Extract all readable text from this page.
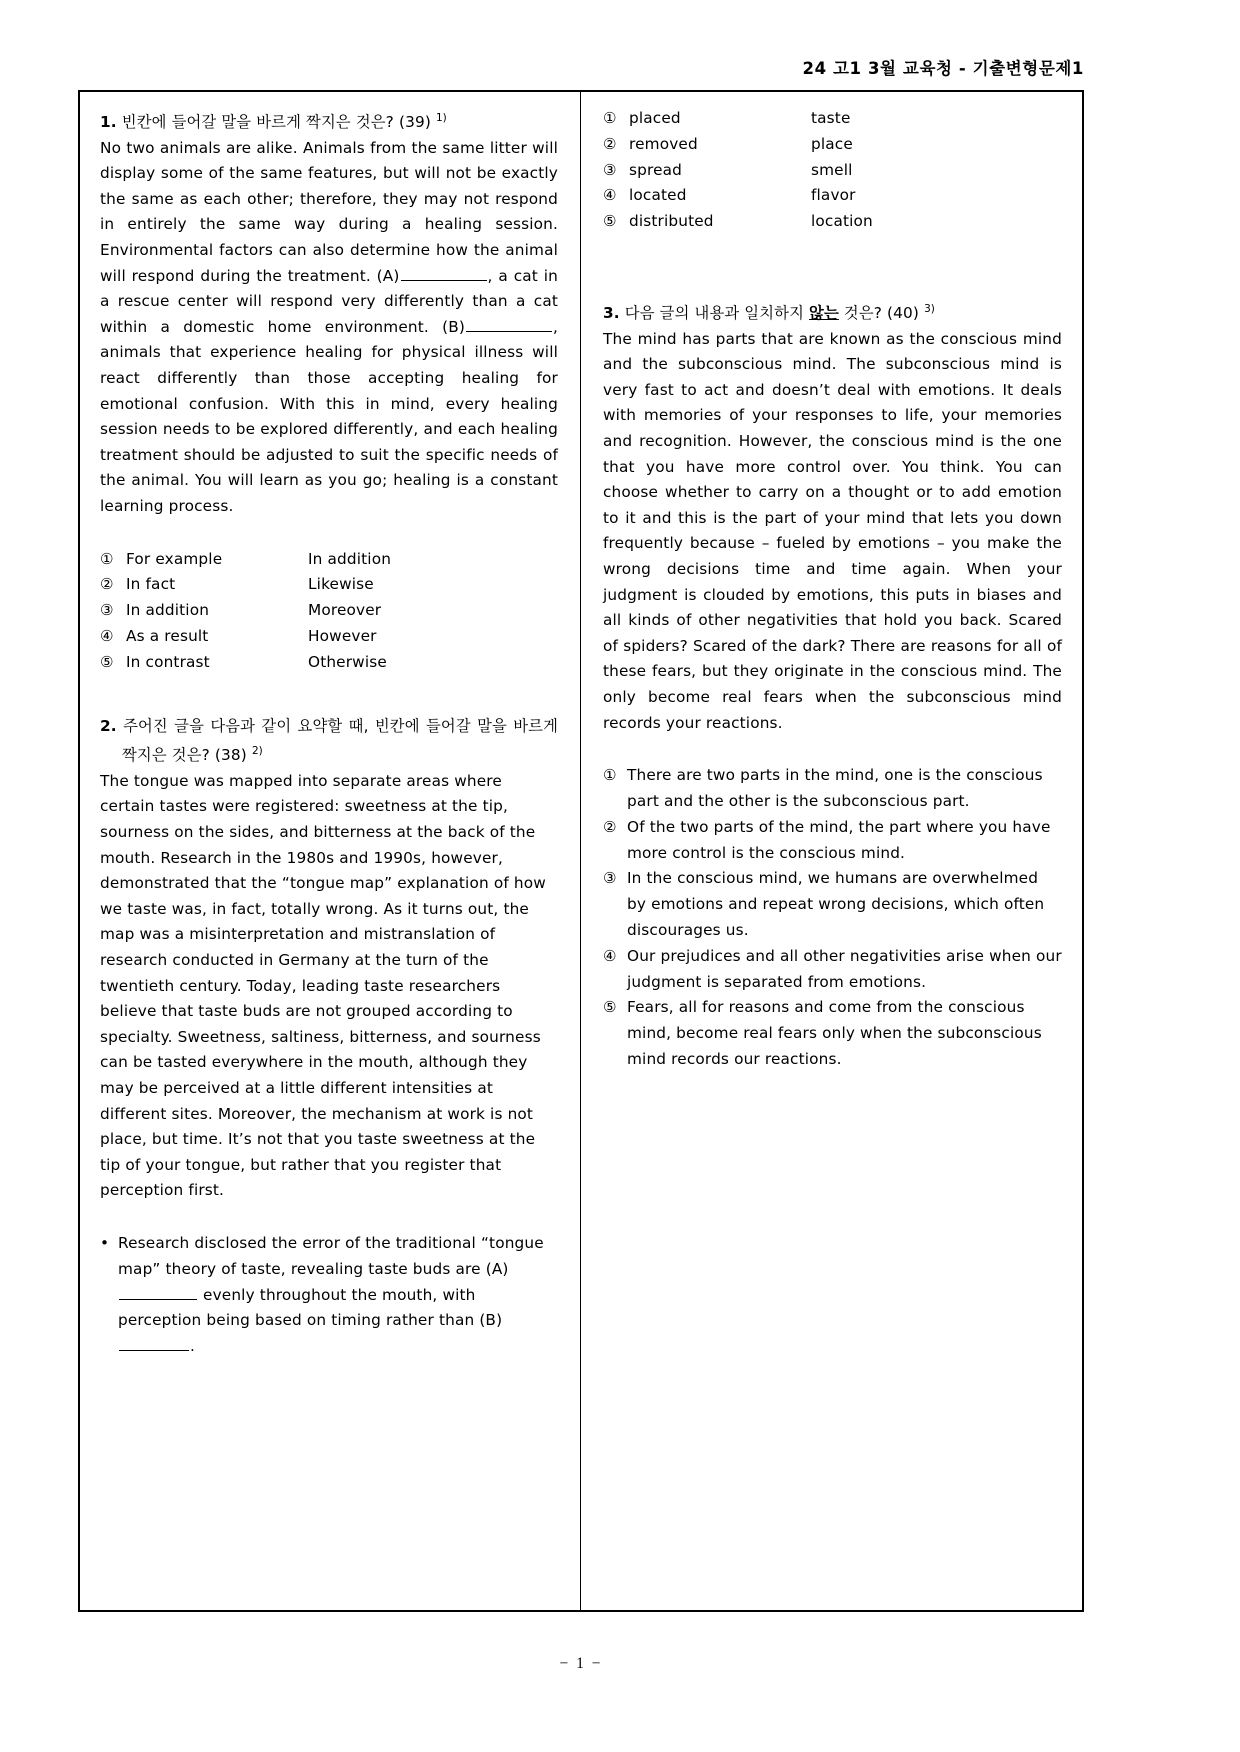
24 고1 3월 교육청 - 기출변형문제1

1. 빈칸에 들어갈 말을 바르게 짝지은 것은? (39) $^{1)}$

No two animals are alike. Animals from the same litter will display some of the same features, but will not be exactly the same as each other; therefore, they may not respond in entirely the same way during a healing session. Environmental factors can also determine how the animal will respond during the treatment. (A)	, a cat in a rescue center will respond very differently than a cat within a domestic home environment. (B)	, animals that experience healing for physical illness will react differently than those accepting healing for emotional confusion. With this in mind, every healing session needs to be explored differently, and each healing treatment should be adjusted to suit the specific needs of the animal. You will learn as you go; healing is a constant learning process.

① For example	In addition
② In fact	Likewise
③ In addition	Moreover
④ As a result	However
⑤ In contrast	Otherwise

2. 주어진 글을 다음과 같이 요약할 때, 빈칸에 들어갈 말을 바르게 짝지은 것은? (38) $^{2)}$

The tongue was mapped into separate areas where certain tastes were registered: sweetness at the tip, sourness on the sides, and bitterness at the back of the mouth. Research in the 1980s and 1990s, however, demonstrated that the “tongue map” explanation of how we taste was, in fact, totally wrong. As it turns out, the map was a misinterpretation and mistranslation of research conducted in Germany at the turn of the twentieth century. Today, leading taste researchers believe that taste buds are not grouped according to specialty. Sweetness, saltiness, bitterness, and sourness can be tasted everywhere in the mouth, although they may be perceived at a little different intensities at different sites. Moreover, the mechanism at work is not place, but time. It’s not that you taste sweetness at the tip of your tongue, but rather that you register that perception first.

• Research disclosed the error of the traditional “tongue map” theory of taste, revealing taste buds are (A) evenly throughout the mouth, with perception being based on timing rather than (B).
① placed	taste
② removed	place
③ spread	smell
④ located	flavor
⑤ distributed	location

3. 다음 글의 내용과 일치하지 않는 것은? (40) $^{3)}$

The mind has parts that are known as the conscious mind and the subconscious mind. The subconscious mind is very fast to act and doesn’t deal with emotions. It deals with memories of your responses to life, your memories and recognition. However, the conscious mind is the one that you have more control over. You think. You can choose whether to carry on a thought or to add emotion to it and this is the part of your mind that lets you down frequently because – fueled by emotions – you make the wrong decisions time and time again. When your judgment is clouded by emotions, this puts in biases and all kinds of other negativities that hold you back. Scared of spiders? Scared of the dark? There are reasons for all of these fears, but they originate in the conscious mind. The only become real fears when the subconscious mind records your reactions.

① There are two parts in the mind, one is the conscious part and the other is the subconscious part.
② Of the two parts of the mind, the part where you have more control is the conscious mind.
③ In the conscious mind, we humans are overwhelmed by emotions and repeat wrong decisions, which often discourages us.
④ Our prejudices and all other negativities arise when our judgment is separated from emotions.
⑤ Fears, all for reasons and come from the conscious mind, become real fears only when the subconscious mind records our reactions.
− 1 −
